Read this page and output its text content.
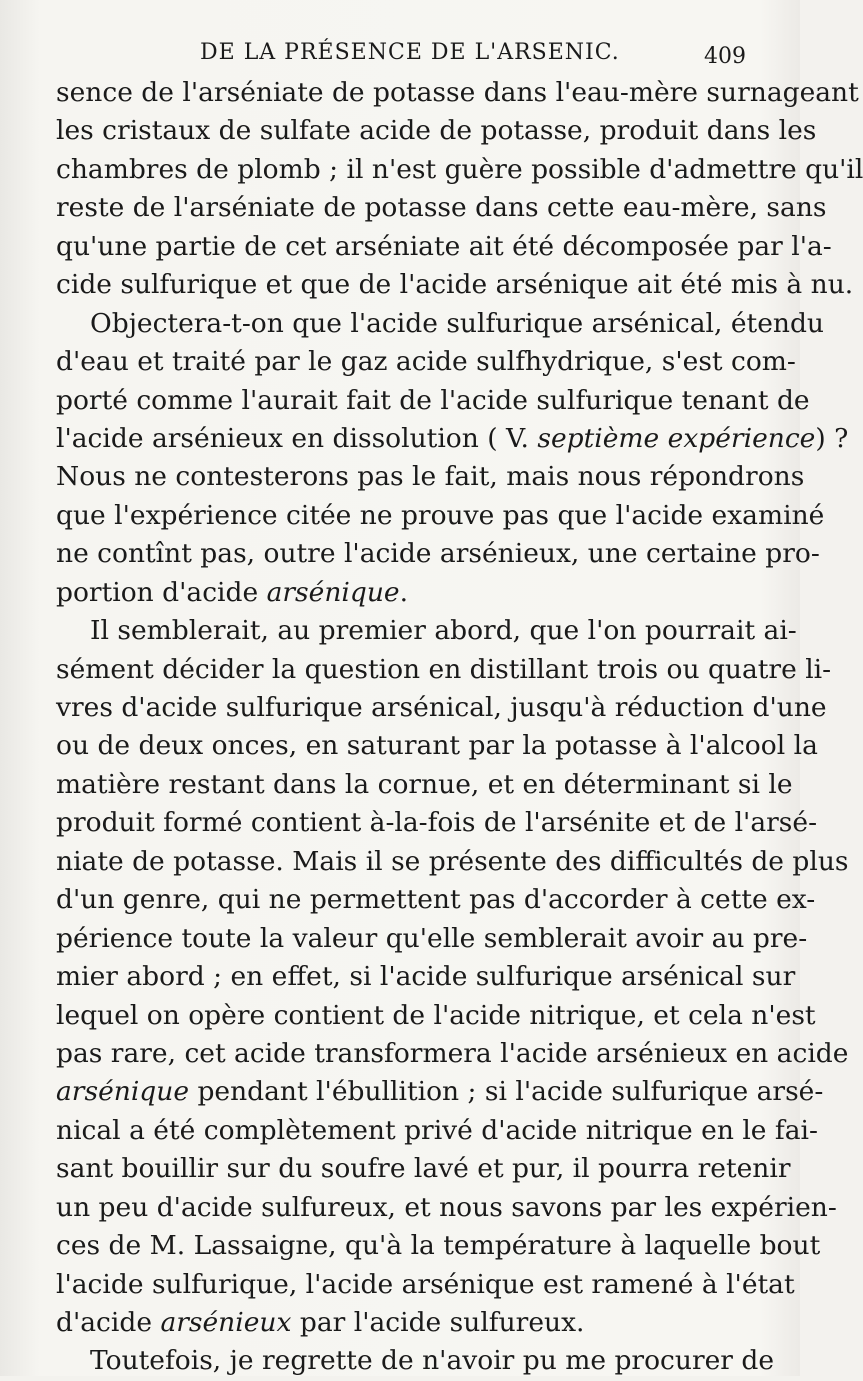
DE LA PRÉSENCE DE L'ARSENIC.	409
sence de l'arséniate de potasse dans l'eau-mère surnageant
les cristaux de sulfate acide de potasse, produit dans les
chambres de plomb ; il n'est guère possible d'admettre qu'il
reste de l'arséniate de potasse dans cette eau-mère, sans
qu'une partie de cet arséniate ait été décomposée par l'a-
cide sulfurique et que de l'acide arsénique ait été mis à nu.
Objectera-t-on que l'acide sulfurique arsénical, étendu
d'eau et traité par le gaz acide sulfhydrique, s'est com-
porté comme l'aurait fait de l'acide sulfurique tenant de
l'acide arsénieux en dissolution ( V. septième expérience) ?
Nous ne contesterons pas le fait, mais nous répondrons
que l'expérience citée ne prouve pas que l'acide examiné
ne contînt pas, outre l'acide arsénieux, une certaine pro-
portion d'acide arsénique.
Il semblerait, au premier abord, que l'on pourrait ai-
sément décider la question en distillant trois ou quatre li-
vres d'acide sulfurique arsénical, jusqu'à réduction d'une
ou de deux onces, en saturant par la potasse à l'alcool la
matière restant dans la cornue, et en déterminant si le
produit formé contient à-la-fois de l'arsénite et de l'arsé-
niate de potasse. Mais il se présente des difficultés de plus
d'un genre, qui ne permettent pas d'accorder à cette ex-
périence toute la valeur qu'elle semblerait avoir au pre-
mier abord ; en effet, si l'acide sulfurique arsénical sur
lequel on opère contient de l'acide nitrique, et cela n'est
pas rare, cet acide transformera l'acide arsénieux en acide
arsénique pendant l'ébullition ; si l'acide sulfurique arsé-
nical a été complètement privé d'acide nitrique en le fai-
sant bouillir sur du soufre lavé et pur, il pourra retenir
un peu d'acide sulfureux, et nous savons par les expérien-
ces de M. Lassaigne, qu'à la température à laquelle bout
l'acide sulfurique, l'acide arsénique est ramené à l'état
d'acide arsénieux par l'acide sulfureux.
Toutefois, je regrette de n'avoir pu me procurer de
